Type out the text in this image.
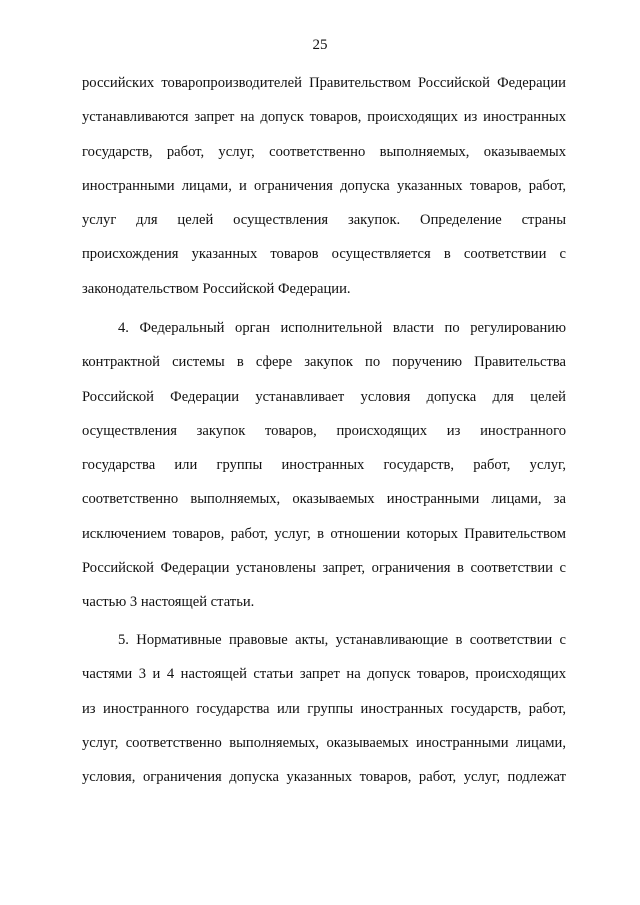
25
российских товаропроизводителей Правительством Российской Федерации
устанавливаются запрет на допуск товаров, происходящих из иностранных
государств, работ, услуг, соответственно выполняемых, оказываемых
иностранными лицами, и ограничения допуска указанных товаров, работ,
услуг для целей осуществления закупок. Определение страны
происхождения указанных товаров осуществляется в соответствии с
законодательством Российской Федерации.
4. Федеральный орган исполнительной власти по регулированию
контрактной системы в сфере закупок по поручению Правительства
Российской Федерации устанавливает условия допуска для целей
осуществления закупок товаров, происходящих из иностранного
государства или группы иностранных государств, работ, услуг,
соответственно выполняемых, оказываемых иностранными лицами, за
исключением товаров, работ, услуг, в отношении которых Правительством
Российской Федерации установлены запрет, ограничения в соответствии с
частью 3 настоящей статьи.
5. Нормативные правовые акты, устанавливающие в соответствии с
частями 3 и 4 настоящей статьи запрет на допуск товаров, происходящих
из иностранного государства или группы иностранных государств, работ,
услуг, соответственно выполняемых, оказываемых иностранными лицами,
условия, ограничения допуска указанных товаров, работ, услуг, подлежат
